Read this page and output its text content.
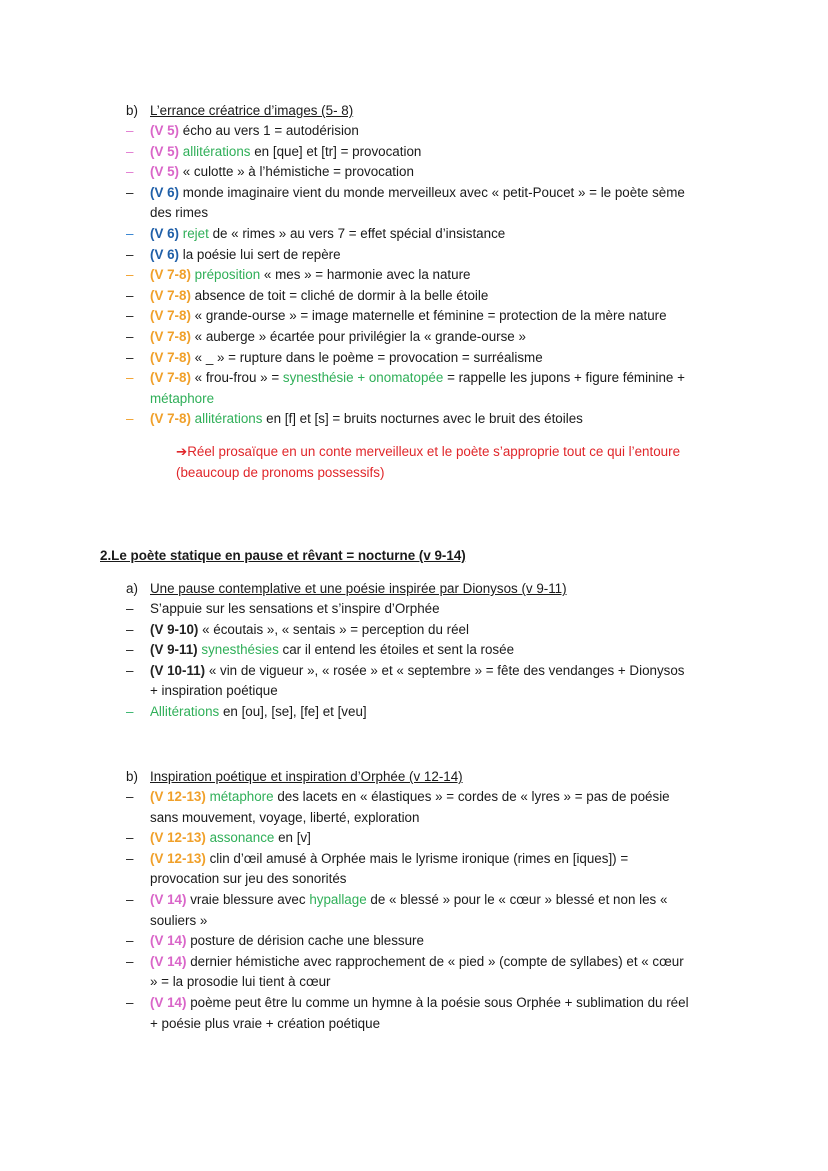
b) L’errance créatrice d’images (5- 8)

– (V 5) écho au vers 1 = autodérision
– (V 5) allitérations en [que] et [tr] = provocation
– (V 5) « culotte » à l’hémistiche = provocation
– (V 6) monde imaginaire vient du monde merveilleux avec « petit-Poucet » = le poète sème des rimes
– (V 6) rejet de « rimes » au vers 7 = effet spécial d’insistance
– (V 6) la poésie lui sert de repère
– (V 7-8) préposition « mes » = harmonie avec la nature
– (V 7-8) absence de toit = cliché de dormir à la belle étoile
– (V 7-8) « grande-ourse » = image maternelle et féminine = protection de la mère nature
– (V 7-8) « auberge » écartée pour privilégier la « grande-ourse »
– (V 7-8) « _ » = rupture dans le poème = provocation = surréalisme
– (V 7-8) « frou-frou » = synesthésie + onomatopée = rappelle les jupons + figure féminine + métaphore
– (V 7-8) allitérations en [f] et [s] = bruits nocturnes avec le bruit des étoiles
➔Réel prosaïque en un conte merveilleux et le poète s’approprie tout ce qui l’entoure (beaucoup de pronoms possessifs)
2.Le poète statique en pause et rêvant = nocturne (v 9-14)

a) Une pause contemplative et une poésie inspirée par Dionysos (v 9-11)

– S’appuie sur les sensations et s’inspire d’Orphée
– (V 9-10) « écoutais », « sentais » = perception du réel
– (V 9-11) synesthésies car il entend les étoiles et sent la rosée
– (V 10-11) « vin de vigueur », « rosée » et « septembre » = fête des vendanges + Dionysos + inspiration poétique
– Allitérations en [ou], [se], [fe] et [veu]

b) Inspiration poétique et inspiration d’Orphée (v 12-14)

– (V 12-13) métaphore des lacets en « élastiques » = cordes de « lyres » = pas de poésie sans mouvement, voyage, liberté, exploration
– (V 12-13) assonance en [v]
– (V 12-13) clin d’œil amusé à Orphée mais le lyrisme ironique (rimes en [iques]) = provocation sur jeu des sonorités
– (V 14) vraie blessure avec hypallage de « blessé » pour le « cœur » blessé et non les « souliers »
– (V 14) posture de dérision cache une blessure
– (V 14) dernier hémistiche avec rapprochement de « pied » (compte de syllabes) et « cœur » = la prosodie lui tient à cœur
– (V 14) poème peut être lu comme un hymne à la poésie sous Orphée + sublimation du réel + poésie plus vraie + création poétique
